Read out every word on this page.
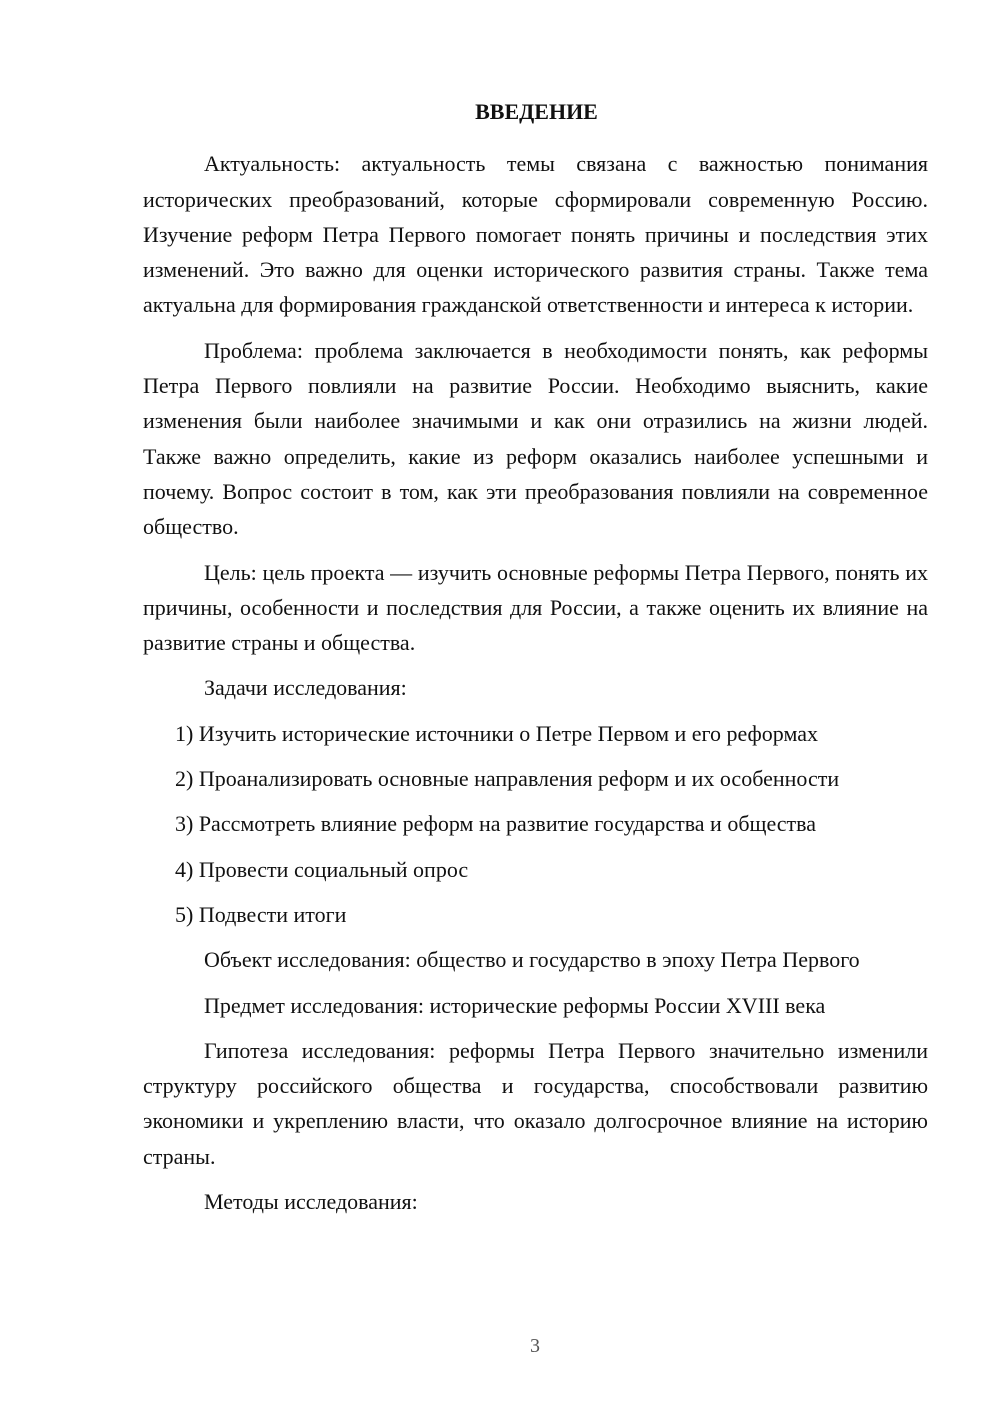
ВВЕДЕНИЕ

Актуальность: актуальность темы связана с важностью понимания исторических преобразований, которые сформировали современную Россию. Изучение реформ Петра Первого помогает понять причины и последствия этих изменений. Это важно для оценки исторического развития страны. Также тема актуальна для формирования гражданской ответственности и интереса к истории.

Проблема: проблема заключается в необходимости понять, как реформы Петра Первого повлияли на развитие России. Необходимо выяснить, какие изменения были наиболее значимыми и как они отразились на жизни людей. Также важно определить, какие из реформ оказались наиболее успешными и почему. Вопрос состоит в том, как эти преобразования повлияли на современное общество.

Цель: цель проекта — изучить основные реформы Петра Первого, понять их причины, особенности и последствия для России, а также оценить их влияние на развитие страны и общества.

Задачи исследования:

1) Изучить исторические источники о Петре Первом и его реформах
2) Проанализировать основные направления реформ и их особенности
3) Рассмотреть влияние реформ на развитие государства и общества
4) Провести социальный опрос
5) Подвести итоги

Объект исследования: общество и государство в эпоху Петра Первого

Предмет исследования: исторические реформы России XVIII века

Гипотеза исследования: реформы Петра Первого значительно изменили структуру российского общества и государства, способствовали развитию экономики и укреплению власти, что оказало долгосрочное влияние на историю страны.

Методы исследования:

3
